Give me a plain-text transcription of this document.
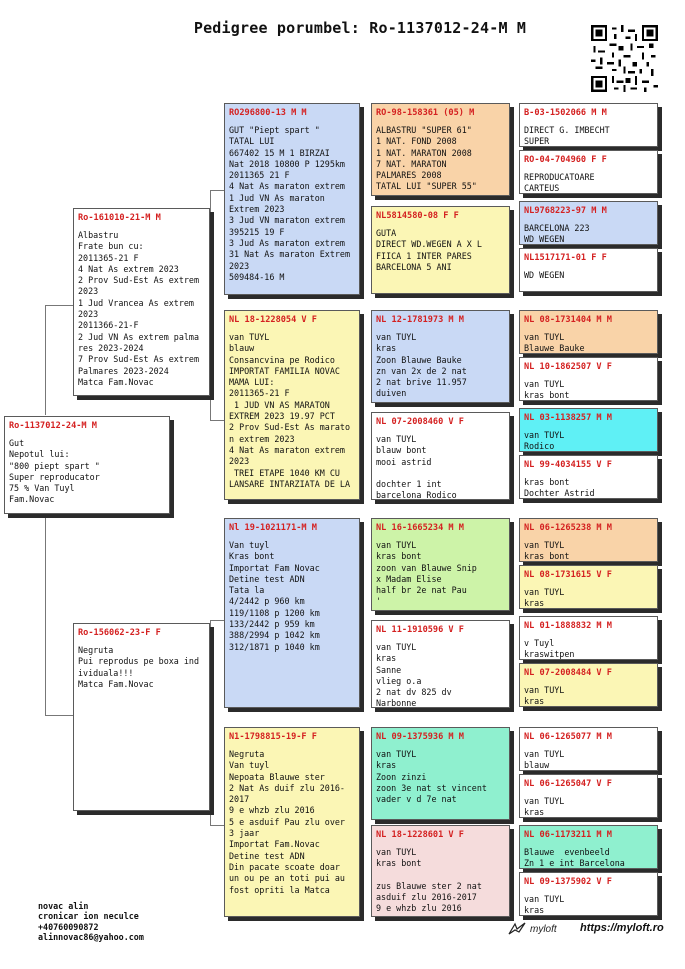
Pedigree porumbel: Ro-1137012-24-M M
Ro-1137012-24-M M
Gut
Nepotul lui:
"800 piept spart "
Super reproducator
75 % Van Tuyl
Fam.Novac
Ro-161010-21-M M
Albastru
Frate bun cu:
2011365-21 F
4 Nat As extrem 2023
2 Prov Sud-Est As extrem 2023
1 Jud Vrancea As extrem 2023
2011366-21-F
2 Jud VN As extrem palma res 2023-2024
7 Prov Sud-Est As extrem Palmares 2023-2024
Matca Fam.Novac
Ro-156062-23-F F
Negruta
Pui reprodus pe boxa ind ividuala!!!
Matca Fam.Novac
RO296800-13 M M
GUT "Piept spart "
TATAL LUI
667402 15 M 1 BIRZAI
Nat 2018 10800 P 1295km
2011365 21 F
4 Nat As maraton extrem
1 Jud VN As maraton Extrem 2023
3 Jud VN maraton extrem
395215 19 F
3 Jud As maraton extrem
31 Nat As maraton Extrem 2023
509484-16 M
NL 18-1228054 V F
van TUYL
blauw
Consancvina pe Rodico
IMPORTAT FAMILIA NOVAC
MAMA LUI:
2011365-21 F
1 JUD VN AS MARATON EXTREM 2023 19.97 PCT
2 Prov Sud-Est As marato n extrem 2023
4 Nat As maraton extrem 2023
TREI ETAPE 1040 KM CU LANSARE INTARZIATA DE LA
Nl 19-1021171-M M
Van tuyl
Kras bont
Importat Fam Novac
Detine test ADN
Tata la
4/2442 p 960 km
119/1108 p 1200 km
133/2442 p 959 km
388/2994 p 1042 km
312/1871 p 1040 km
N1-1798815-19-F F
Negruta
Van tuyl
Nepoata Blauwe ster
2 Nat As duif zlu 2016-2017
9 e whzb zlu 2016
5 e asduif Pau zlu over 3 jaar
Importat Fam.Novac
Detine test ADN
Din pacate scoate doar un ou pe an toti pui au fost opriti la Matca
RO-98-158361 (05) M
ALBASTRU "SUPER 61"
1 NAT. FOND 2008
1 NAT. MARATON 2008
7 NAT. MARATON
PALMARES 2008
TATAL LUI "SUPER 55"
NL5814580-08 F F
GUTA
DIRECT WD.WEGEN A X L
FIICA 1 INTER PARES
BARCELONA 5 ANI
NL 12-1781973 M M
van TUYL
kras
Zoon Blauwe Bauke
zn van 2x de 2 nat
2 nat brive 11.957
duiven
NL 07-2008460 V F
van TUYL
blauw bont
mooi astrid
dochter 1 int
barcelona Rodico
NL 16-1665234 M M
van TUYL
kras bont
zoon van Blauwe Snip
x Madam Elise
half br 2e nat Pau
'
NL 11-1910596 V F
van TUYL
kras
Sanne
vlieg o.a
2 nat dv 825 dv
Narbonne
NL 09-1375936 M M
van TUYL
kras
Zoon zinzi
zoon 3e nat st vincent
vader v d 7e nat
NL 18-1228601 V F
van TUYL
kras bont
zus Blauwe ster 2 nat
asduif zlu 2016-2017
9 e whzb zlu 2016
B-03-1502066 M M
DIRECT G. IMBECHT
SUPER
RO-04-704960 F F
REPRODUCATOARE
CARTEUS
NL9768223-97 M M
BARCELONA 223
WD WEGEN
NL1517171-01 F F
WD WEGEN
NL 08-1731404 M M
van TUYL
Blauwe Bauke
NL 10-1862507 V F
van TUYL
kras bont
NL 03-1138257 M M
van TUYL
Rodico
NL 99-4034155 V F
kras bont
Dochter Astrid
NL 06-1265238 M M
van TUYL
kras bont
NL 08-1731615 V F
van TUYL
kras
NL 01-1888832 M M
v Tuyl
kraswitpen
NL 07-2008484 V F
van TUYL
kras
NL 06-1265077 M M
van TUYL
blauw
NL 06-1265047 V F
van TUYL
kras
NL 06-1173211 M M
Blauwe  evenbeeld
Zn 1 e int Barcelona
NL 09-1375902 V F
van TUYL
kras
novac alin
cronicar ion neculce
+40760090872
alinnovac86@yahoo.com
myloft https://myloft.ro
